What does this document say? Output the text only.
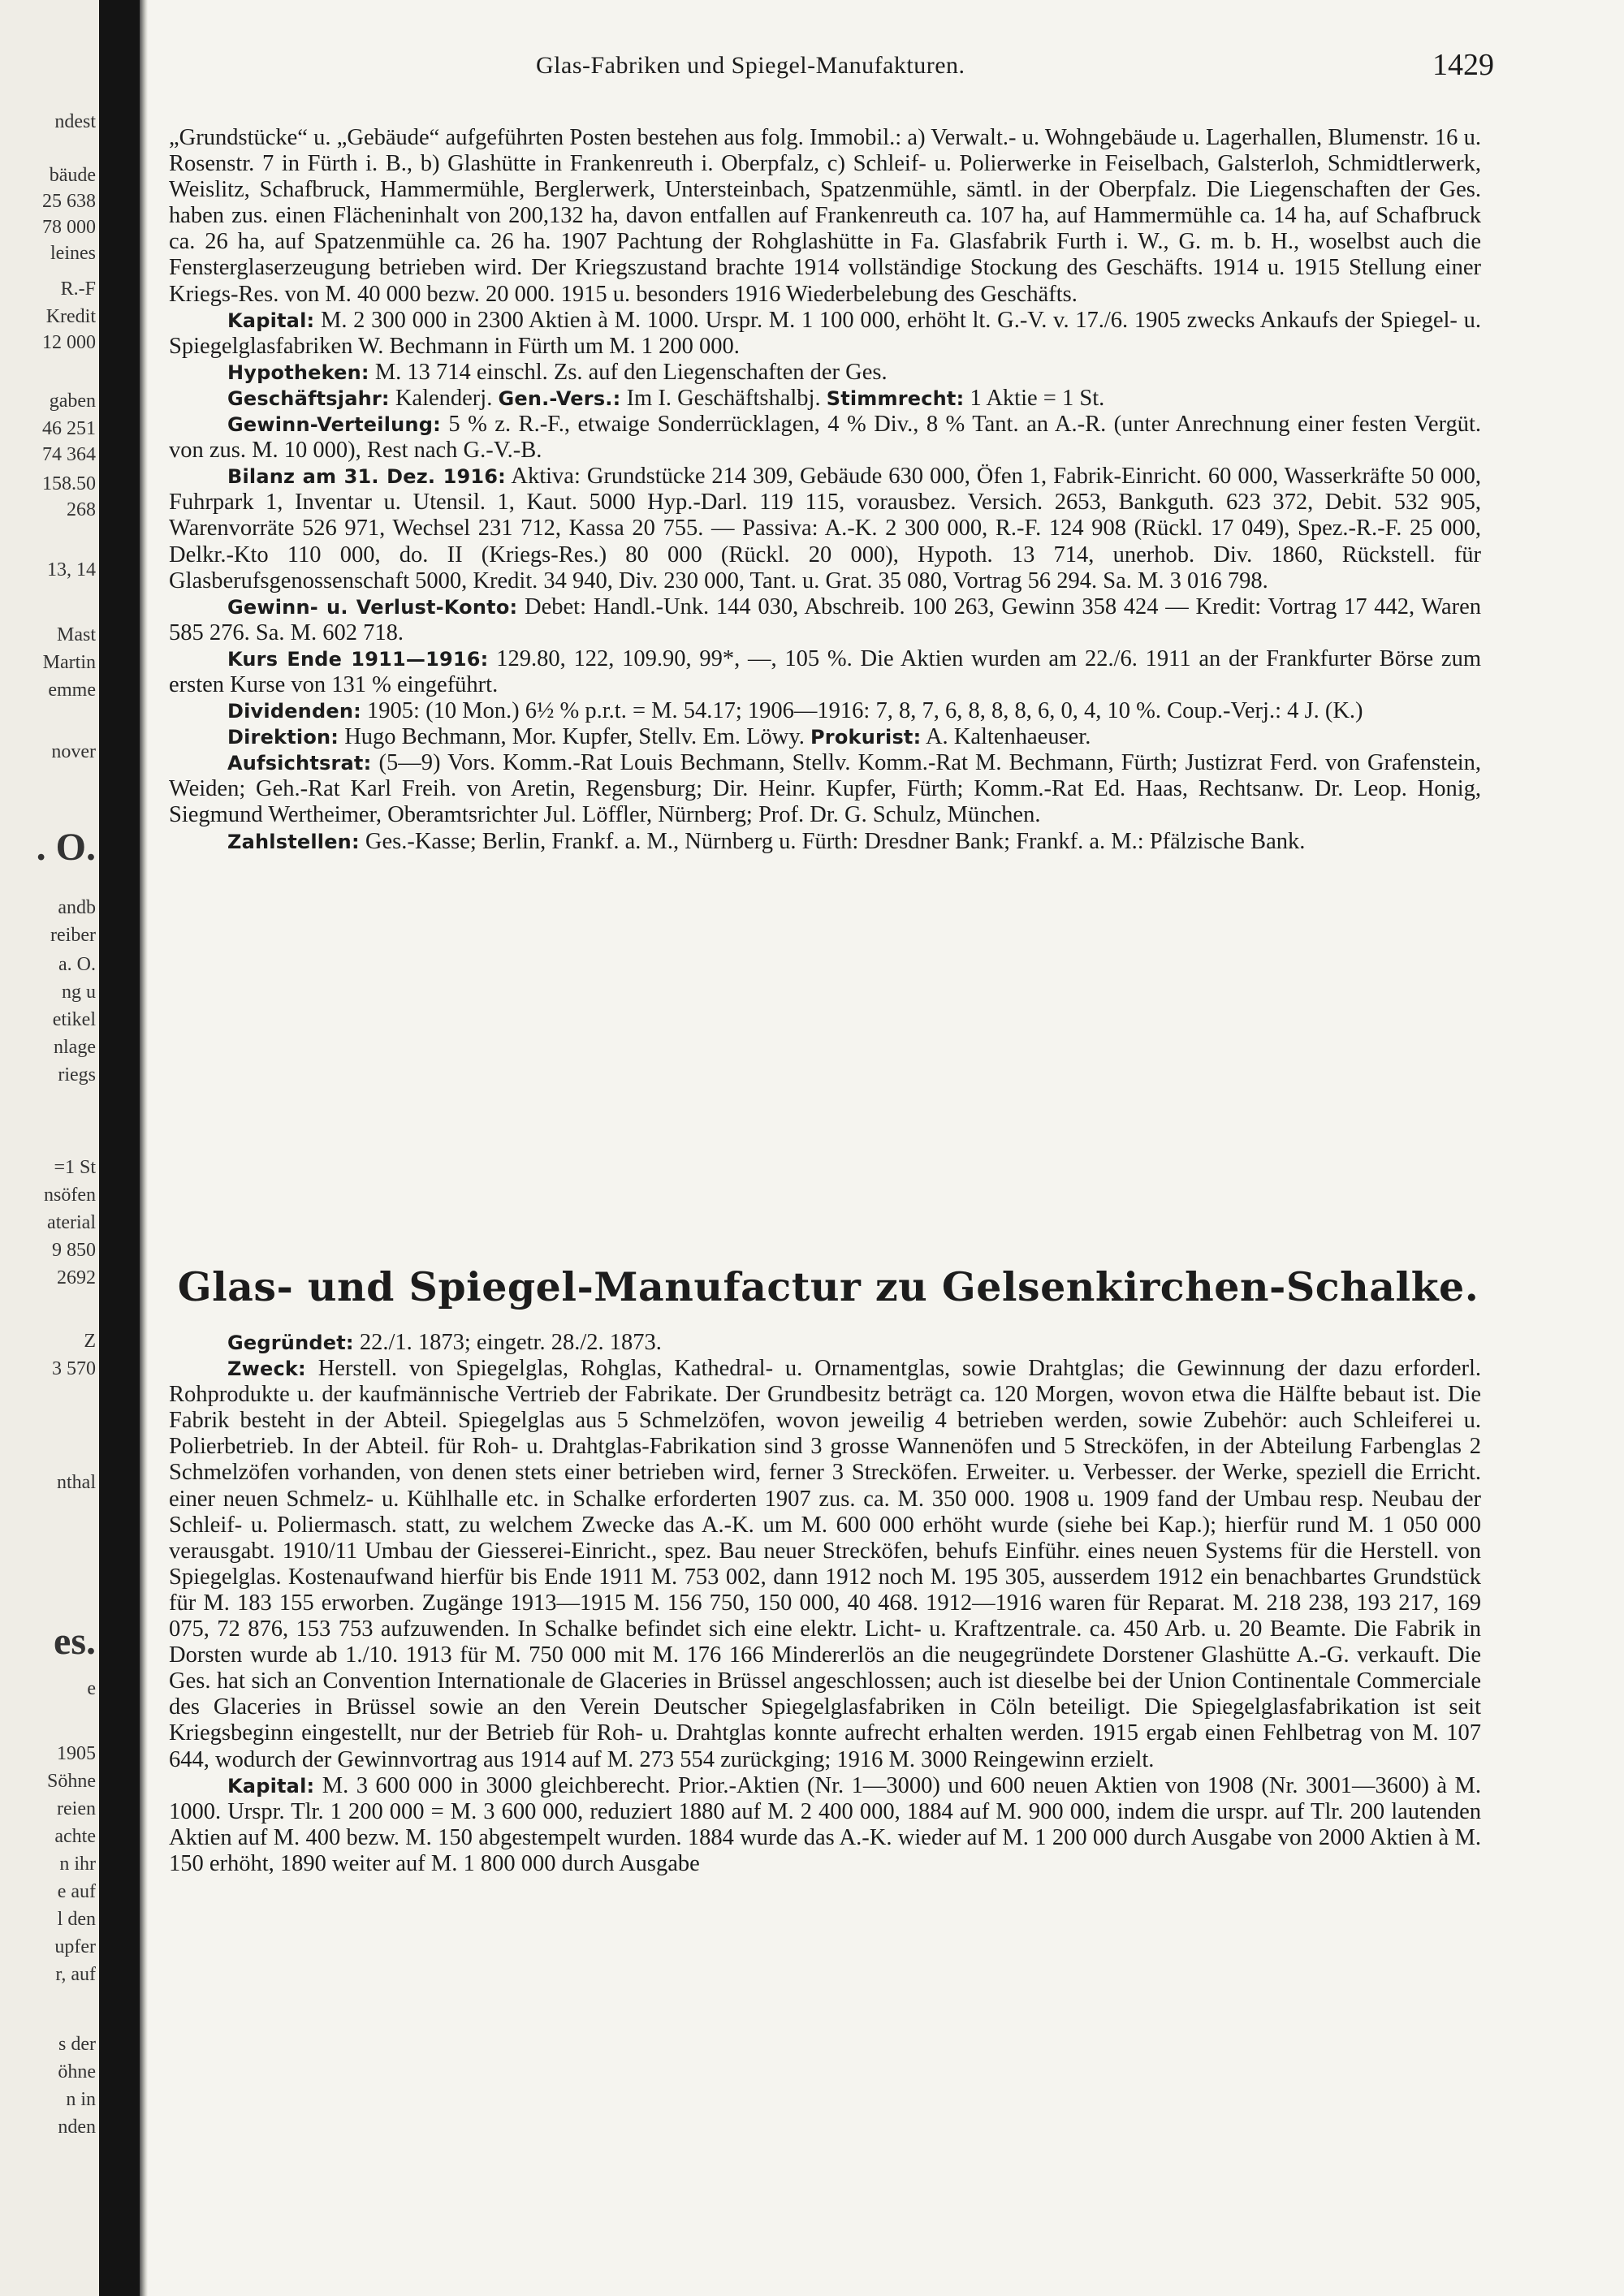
ndest
bäude
25 638
78 000
leines
R.-F
Kredit
12 000
gaben
46 251
74 364
158.50
268
13, 14
Mast
Martin
emme
nover
. O.
andb
reiber
a. O.
ng u
etikel
nlage
riegs
=1 St
nsöfen
aterial
9 850
2692
Z
3 570
nthal
es.
e
1905
Söhne
reien
achte
n ihr
e auf
l den
upfer
r, auf
s der
öhne
n in
nden
Glas-Fabriken und Spiegel-Manufakturen.	1429

„Grundstücke“ u. „Gebäude“ aufgeführten Posten bestehen aus folg. Immobil.: a) Verwalt.- u. Wohngebäude u. Lagerhallen, Blumenstr. 16 u. Rosenstr. 7 in Fürth i. B., b) Glashütte in Frankenreuth i. Oberpfalz, c) Schleif- u. Polierwerke in Feiselbach, Galsterloh, Schmidtlerwerk, Weislitz, Schafbruck, Hammermühle, Berglerwerk, Untersteinbach, Spatzenmühle, sämtl. in der Oberpfalz. Die Liegenschaften der Ges. haben zus. einen Flächeninhalt von 200,132 ha, davon entfallen auf Frankenreuth ca. 107 ha, auf Hammermühle ca. 14 ha, auf Schafbruck ca. 26 ha, auf Spatzenmühle ca. 26 ha. 1907 Pachtung der Rohglashütte in Fa. Glasfabrik Furth i. W., G. m. b. H., woselbst auch die Fensterglaserzeugung betrieben wird. Der Kriegszustand brachte 1914 vollständige Stockung des Geschäfts. 1914 u. 1915 Stellung einer Kriegs-Res. von M. 40 000 bezw. 20 000. 1915 u. besonders 1916 Wiederbelebung des Geschäfts.

Kapital: M. 2 300 000 in 2300 Aktien à M. 1000. Urspr. M. 1 100 000, erhöht lt. G.-V. v. 17./6. 1905 zwecks Ankaufs der Spiegel- u. Spiegelglasfabriken W. Bechmann in Fürth um M. 1 200 000.

Hypotheken: M. 13 714 einschl. Zs. auf den Liegenschaften der Ges.

Geschäftsjahr: Kalenderj. Gen.-Vers.: Im I. Geschäftshalbj. Stimmrecht: 1 Aktie = 1 St.

Gewinn-Verteilung: 5 % z. R.-F., etwaige Sonderrücklagen, 4 % Div., 8 % Tant. an A.-R. (unter Anrechnung einer festen Vergüt. von zus. M. 10 000), Rest nach G.-V.-B.

Bilanz am 31. Dez. 1916: Aktiva: Grundstücke 214 309, Gebäude 630 000, Öfen 1, Fabrik-Einricht. 60 000, Wasserkräfte 50 000, Fuhrpark 1, Inventar u. Utensil. 1, Kaut. 5000 Hyp.-Darl. 119 115, vorausbez. Versich. 2653, Bankguth. 623 372, Debit. 532 905, Warenvorräte 526 971, Wechsel 231 712, Kassa 20 755. — Passiva: A.-K. 2 300 000, R.-F. 124 908 (Rückl. 17 049), Spez.-R.-F. 25 000, Delkr.-Kto 110 000, do. II (Kriegs-Res.) 80 000 (Rückl. 20 000), Hypoth. 13 714, unerhob. Div. 1860, Rückstell. für Glasberufsgenossenschaft 5000, Kredit. 34 940, Div. 230 000, Tant. u. Grat. 35 080, Vortrag 56 294. Sa. M. 3 016 798.

Gewinn- u. Verlust-Konto: Debet: Handl.-Unk. 144 030, Abschreib. 100 263, Gewinn 358 424 — Kredit: Vortrag 17 442, Waren 585 276. Sa. M. 602 718.

Kurs Ende 1911—1916: 129.80, 122, 109.90, 99*, —, 105 %. Die Aktien wurden am 22./6. 1911 an der Frankfurter Börse zum ersten Kurse von 131 % eingeführt.

Dividenden: 1905: (10 Mon.) 6½ % p.r.t. = M. 54.17; 1906—1916: 7, 8, 7, 6, 8, 8, 8, 6, 0, 4, 10 %. Coup.-Verj.: 4 J. (K.)

Direktion: Hugo Bechmann, Mor. Kupfer, Stellv. Em. Löwy. Prokurist: A. Kaltenhaeuser.

Aufsichtsrat: (5—9) Vors. Komm.-Rat Louis Bechmann, Stellv. Komm.-Rat M. Bechmann, Fürth; Justizrat Ferd. von Grafenstein, Weiden; Geh.-Rat Karl Freih. von Aretin, Regensburg; Dir. Heinr. Kupfer, Fürth; Komm.-Rat Ed. Haas, Rechtsanw. Dr. Leop. Honig, Siegmund Wertheimer, Oberamtsrichter Jul. Löffler, Nürnberg; Prof. Dr. G. Schulz, München.

Zahlstellen: Ges.-Kasse; Berlin, Frankf. a. M., Nürnberg u. Fürth: Dresdner Bank; Frankf. a. M.: Pfälzische Bank.

Glas- und Spiegel-Manufactur zu Gelsenkirchen-Schalke.

Gegründet: 22./1. 1873; eingetr. 28./2. 1873.

Zweck: Herstell. von Spiegelglas, Rohglas, Kathedral- u. Ornamentglas, sowie Drahtglas; die Gewinnung der dazu erforderl. Rohprodukte u. der kaufmännische Vertrieb der Fabrikate. Der Grundbesitz beträgt ca. 120 Morgen, wovon etwa die Hälfte bebaut ist. Die Fabrik besteht in der Abteil. Spiegelglas aus 5 Schmelzöfen, wovon jeweilig 4 betrieben werden, sowie Zubehör: auch Schleiferei u. Polierbetrieb. In der Abteil. für Roh- u. Drahtglas-Fabrikation sind 3 grosse Wannenöfen und 5 Strecköfen, in der Abteilung Farbenglas 2 Schmelzöfen vorhanden, von denen stets einer betrieben wird, ferner 3 Strecköfen. Erweiter. u. Verbesser. der Werke, speziell die Erricht. einer neuen Schmelz- u. Kühlhalle etc. in Schalke erforderten 1907 zus. ca. M. 350 000. 1908 u. 1909 fand der Umbau resp. Neubau der Schleif- u. Poliermasch. statt, zu welchem Zwecke das A.-K. um M. 600 000 erhöht wurde (siehe bei Kap.); hierfür rund M. 1 050 000 verausgabt. 1910/11 Umbau der Giesserei-Einricht., spez. Bau neuer Strecköfen, behufs Einführ. eines neuen Systems für die Herstell. von Spiegelglas. Kostenaufwand hierfür bis Ende 1911 M. 753 002, dann 1912 noch M. 195 305, ausserdem 1912 ein benachbartes Grundstück für M. 183 155 erworben. Zugänge 1913—1915 M. 156 750, 150 000, 40 468. 1912—1916 waren für Reparat. M. 218 238, 193 217, 169 075, 72 876, 153 753 aufzuwenden. In Schalke befindet sich eine elektr. Licht- u. Kraftzentrale. ca. 450 Arb. u. 20 Beamte. Die Fabrik in Dorsten wurde ab 1./10. 1913 für M. 750 000 mit M. 176 166 Mindererlös an die neugegründete Dorstener Glashütte A.-G. verkauft. Die Ges. hat sich an Convention Internationale de Glaceries in Brüssel angeschlossen; auch ist dieselbe bei der Union Continentale Commerciale des Glaceries in Brüssel sowie an den Verein Deutscher Spiegelglasfabriken in Cöln beteiligt. Die Spiegelglasfabrikation ist seit Kriegsbeginn eingestellt, nur der Betrieb für Roh- u. Drahtglas konnte aufrecht erhalten werden. 1915 ergab einen Fehlbetrag von M. 107 644, wodurch der Gewinnvortrag aus 1914 auf M. 273 554 zurückging; 1916 M. 3000 Reingewinn erzielt.

Kapital: M. 3 600 000 in 3000 gleichberecht. Prior.-Aktien (Nr. 1—3000) und 600 neuen Aktien von 1908 (Nr. 3001—3600) à M. 1000. Urspr. Tlr. 1 200 000 = M. 3 600 000, reduziert 1880 auf M. 2 400 000, 1884 auf M. 900 000, indem die urspr. auf Tlr. 200 lautenden Aktien auf M. 400 bezw. M. 150 abgestempelt wurden. 1884 wurde das A.-K. wieder auf M. 1 200 000 durch Ausgabe von 2000 Aktien à M. 150 erhöht, 1890 weiter auf M. 1 800 000 durch Ausgabe
